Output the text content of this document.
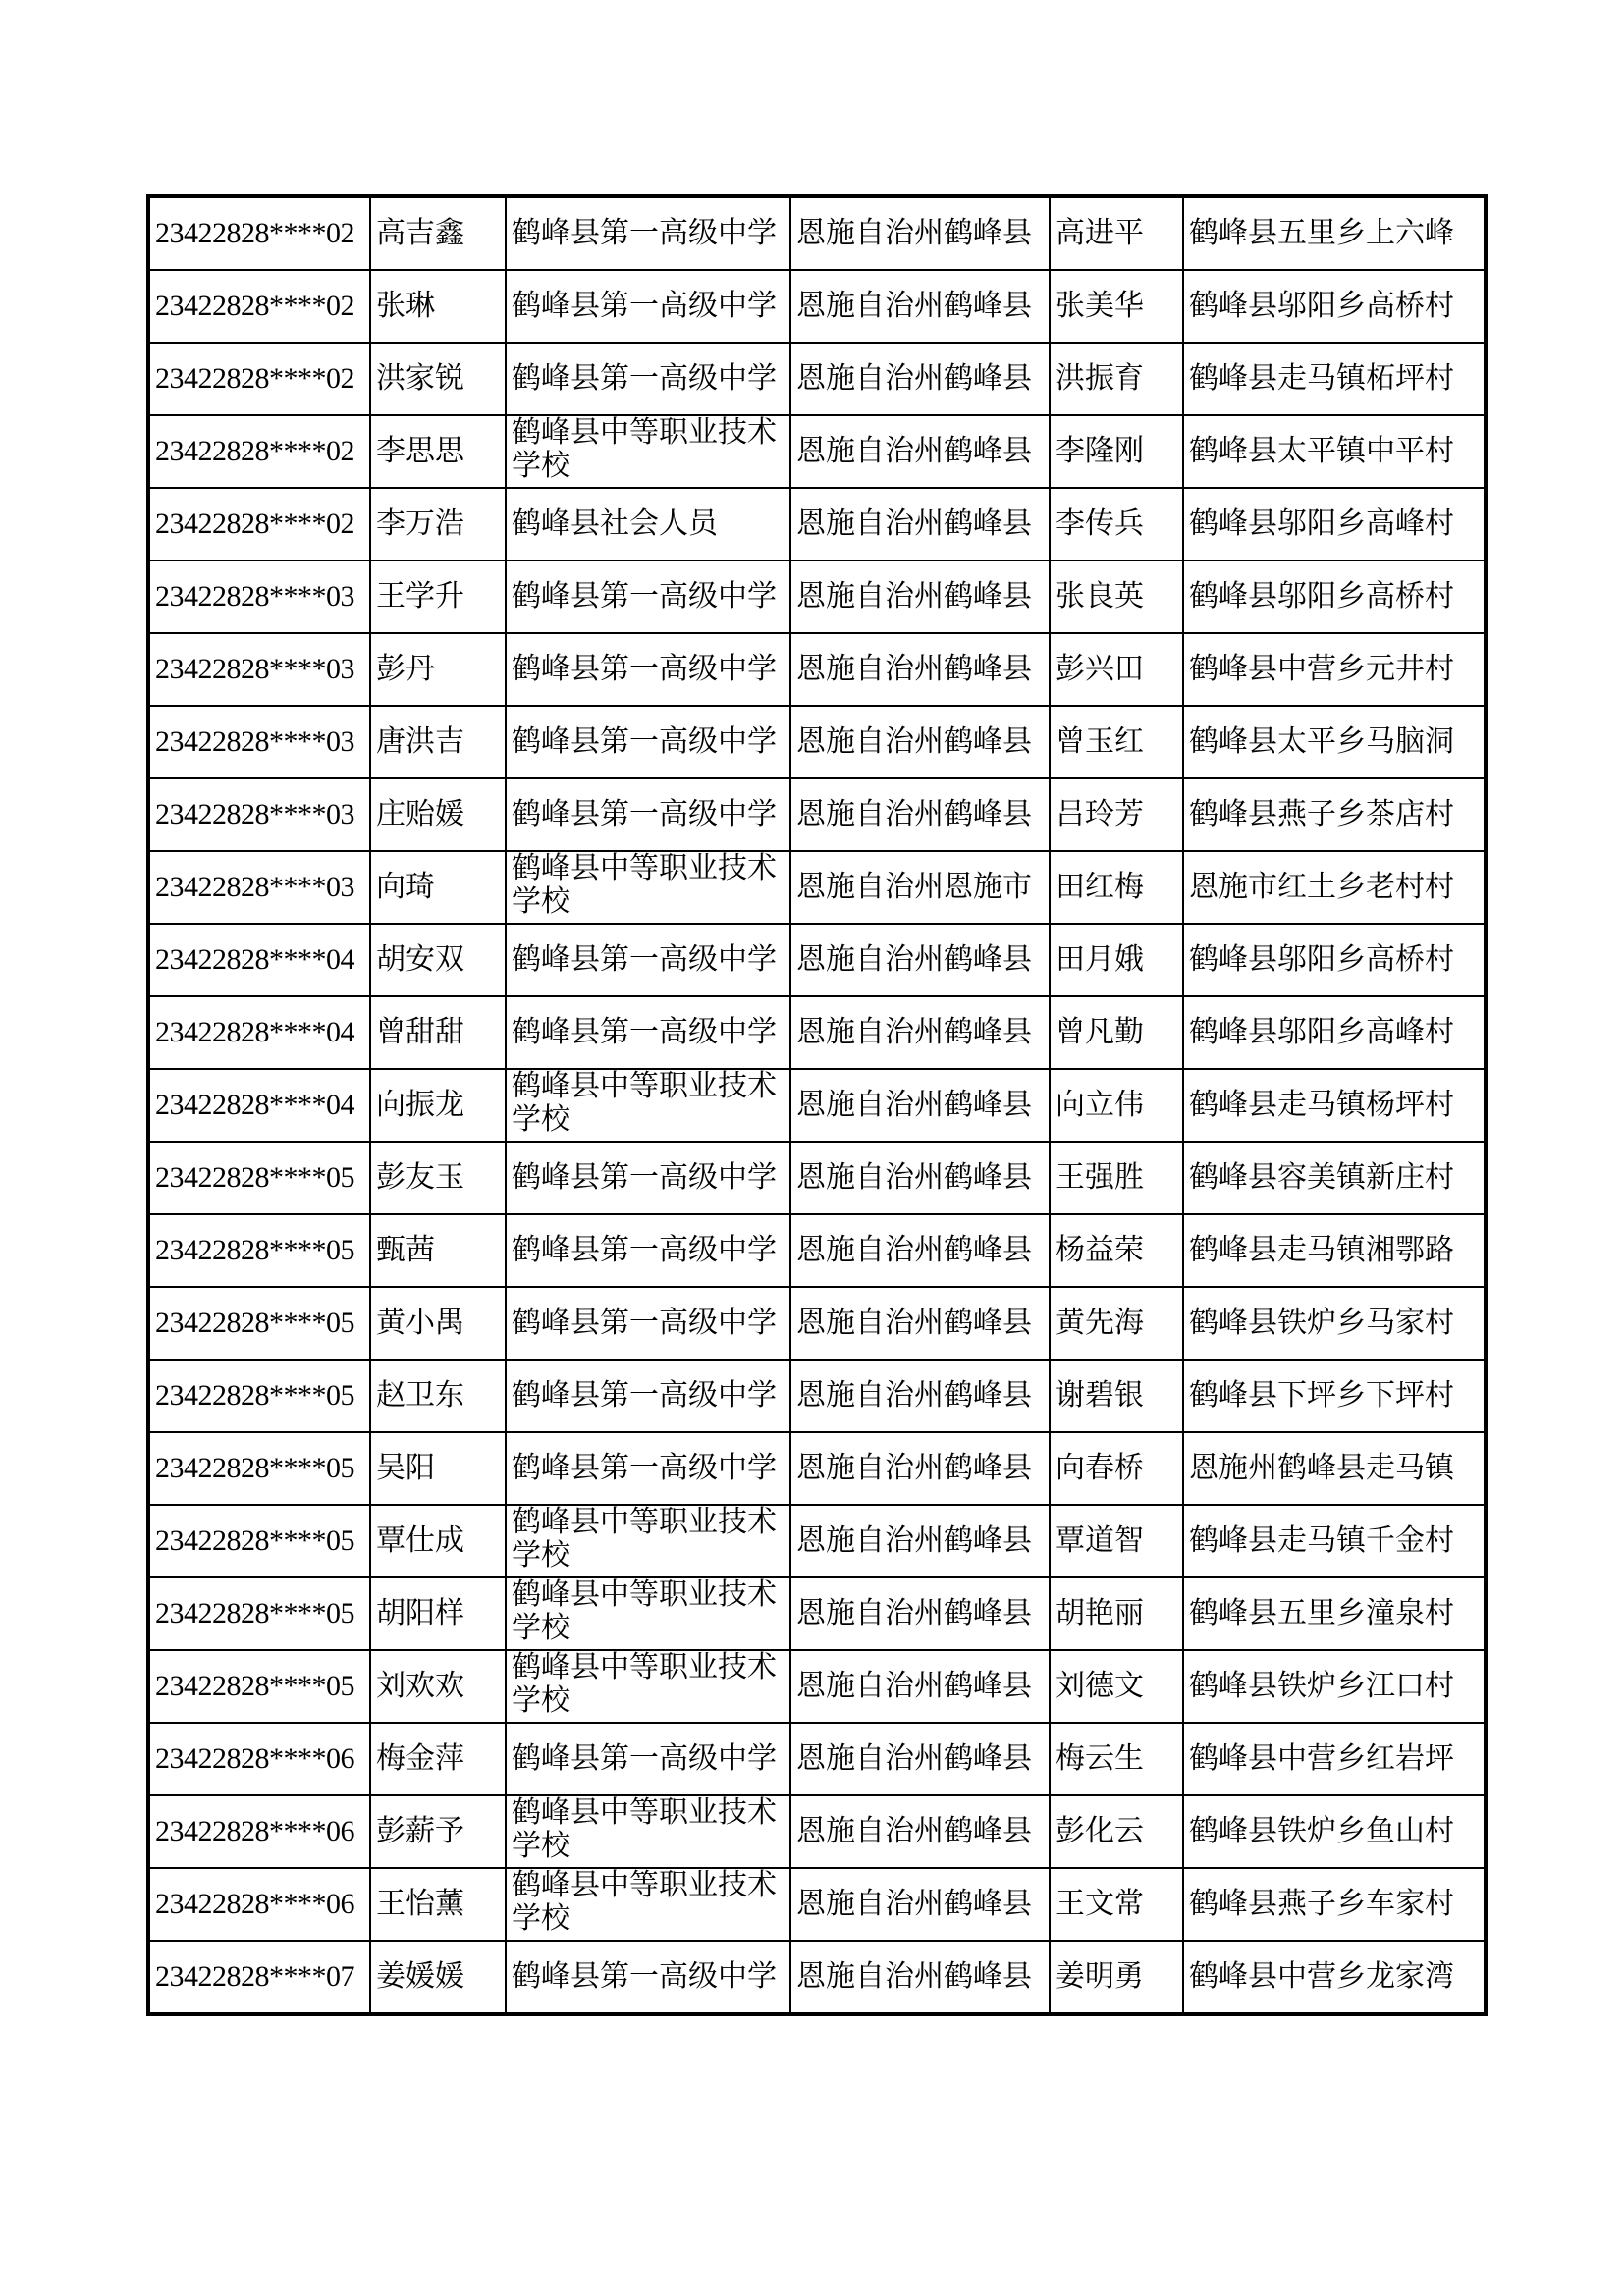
23422828****02	高吉鑫	鹤峰县第一高级中学	恩施自治州鹤峰县	高进平	鹤峰县五里乡上六峰
23422828****02	张琳	鹤峰县第一高级中学	恩施自治州鹤峰县	张美华	鹤峰县邬阳乡高桥村
23422828****02	洪家锐	鹤峰县第一高级中学	恩施自治州鹤峰县	洪振育	鹤峰县走马镇柘坪村
23422828****02	李思思	鹤峰县中等职业技术学校	恩施自治州鹤峰县	李隆刚	鹤峰县太平镇中平村
23422828****02	李万浩	鹤峰县社会人员	恩施自治州鹤峰县	李传兵	鹤峰县邬阳乡高峰村
23422828****03	王学升	鹤峰县第一高级中学	恩施自治州鹤峰县	张良英	鹤峰县邬阳乡高桥村
23422828****03	彭丹	鹤峰县第一高级中学	恩施自治州鹤峰县	彭兴田	鹤峰县中营乡元井村
23422828****03	唐洪吉	鹤峰县第一高级中学	恩施自治州鹤峰县	曾玉红	鹤峰县太平乡马脑洞
23422828****03	庄贻媛	鹤峰县第一高级中学	恩施自治州鹤峰县	吕玲芳	鹤峰县燕子乡茶店村
23422828****03	向琦	鹤峰县中等职业技术学校	恩施自治州恩施市	田红梅	恩施市红土乡老村村
23422828****04	胡安双	鹤峰县第一高级中学	恩施自治州鹤峰县	田月娥	鹤峰县邬阳乡高桥村
23422828****04	曾甜甜	鹤峰县第一高级中学	恩施自治州鹤峰县	曾凡勤	鹤峰县邬阳乡高峰村
23422828****04	向振龙	鹤峰县中等职业技术学校	恩施自治州鹤峰县	向立伟	鹤峰县走马镇杨坪村
23422828****05	彭友玉	鹤峰县第一高级中学	恩施自治州鹤峰县	王强胜	鹤峰县容美镇新庄村
23422828****05	甄茜	鹤峰县第一高级中学	恩施自治州鹤峰县	杨益荣	鹤峰县走马镇湘鄂路
23422828****05	黄小禺	鹤峰县第一高级中学	恩施自治州鹤峰县	黄先海	鹤峰县铁炉乡马家村
23422828****05	赵卫东	鹤峰县第一高级中学	恩施自治州鹤峰县	谢碧银	鹤峰县下坪乡下坪村
23422828****05	吴阳	鹤峰县第一高级中学	恩施自治州鹤峰县	向春桥	恩施州鹤峰县走马镇
23422828****05	覃仕成	鹤峰县中等职业技术学校	恩施自治州鹤峰县	覃道智	鹤峰县走马镇千金村
23422828****05	胡阳样	鹤峰县中等职业技术学校	恩施自治州鹤峰县	胡艳丽	鹤峰县五里乡潼泉村
23422828****05	刘欢欢	鹤峰县中等职业技术学校	恩施自治州鹤峰县	刘德文	鹤峰县铁炉乡江口村
23422828****06	梅金萍	鹤峰县第一高级中学	恩施自治州鹤峰县	梅云生	鹤峰县中营乡红岩坪
23422828****06	彭薪予	鹤峰县中等职业技术学校	恩施自治州鹤峰县	彭化云	鹤峰县铁炉乡鱼山村
23422828****06	王怡薰	鹤峰县中等职业技术学校	恩施自治州鹤峰县	王文常	鹤峰县燕子乡车家村
23422828****07	姜媛媛	鹤峰县第一高级中学	恩施自治州鹤峰县	姜明勇	鹤峰县中营乡龙家湾
